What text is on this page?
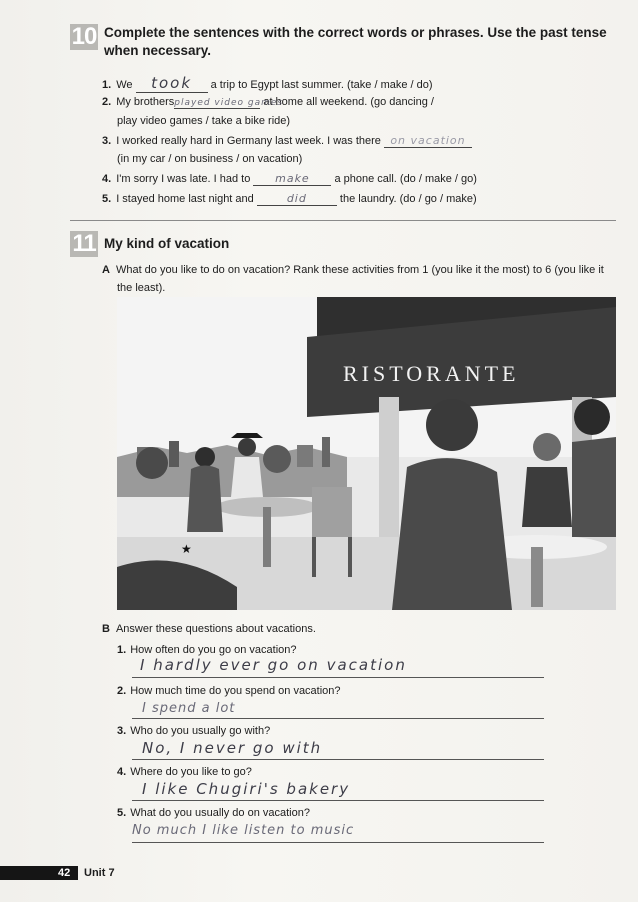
10 Complete the sentences with the correct words or phrases. Use the past tense
when necessary.
1. We took a trip to Egypt last summer. (take / make / do)
2. My brothersplayed video games at home all weekend. (go dancing /
play video games / take a bike ride)
3. I worked really hard in Germany last week. I was there on vacation
(in my car / on business / on vacation)
4. I'm sorry I was late. I had to make a phone call. (do / make / go)
5. I stayed home last night and	did	the laundry. (do / go / make)
11 My kind of vacation
A What do you like to do on vacation? Rank these activities from 1 (you like it the most) to 6 (you like it
the least).
RISTORANTE
★
B Answer these questions about vacations.
1. How often do you go on vacation?
I hardly ever go on vacation
2. How much time do you spend on vacation?
I spend a lot
3. Who do you usually go with?
No, I never go with
4. Where do you like to go?
I like Chugiri's bakery
5. What do you usually do on vacation?
No much I like listen to music
42 Unit 7
